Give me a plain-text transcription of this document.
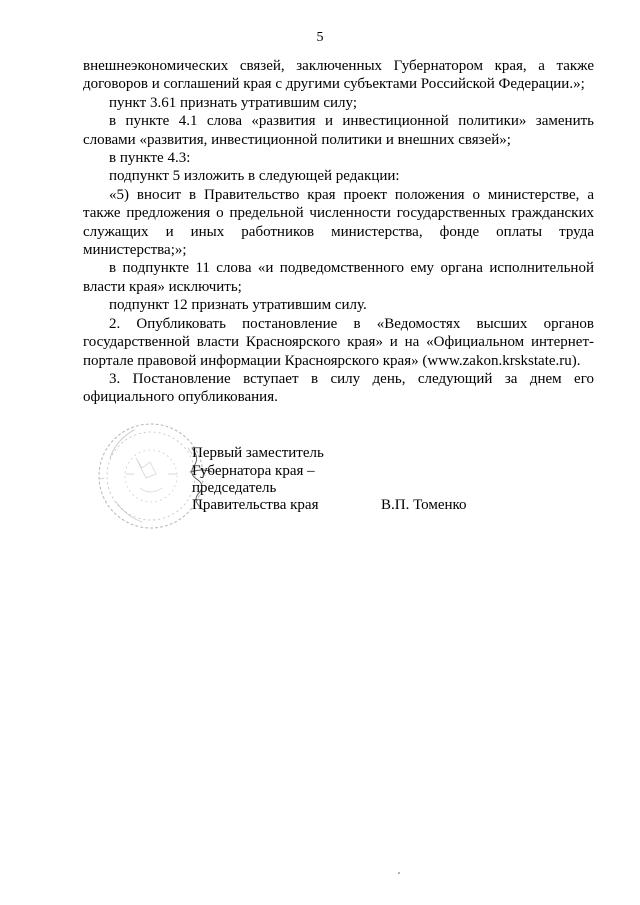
5

внешнеэкономических связей, заключенных Губернатором края, а также договоров и соглашений края с другими субъектами Российской Федерации.»;

пункт 3.61 признать утратившим силу;

в пункте 4.1 слова «развития и инвестиционной политики» заменить словами «развития, инвестиционной политики и внешних связей»;

в пункте 4.3:

подпункт 5 изложить в следующей редакции:

«5) вносит в Правительство края проект положения о министерстве, а также предложения о предельной численности государственных гражданских служащих и иных работников министерства, фонде оплаты труда министерства;»;

в подпункте 11 слова «и подведомственного ему органа исполнительной власти края» исключить;

подпункт 12 признать утратившим силу.

2. Опубликовать постановление в «Ведомостях высших органов государственной власти Красноярского края» и на «Официальном интернет-портале правовой информации Красноярского края» (www.zakon.krskstate.ru).

3. Постановление вступает в силу день, следующий за днем его официального опубликования.

Первый заместитель
Губернатора края –
председатель
Правительства края	В.П. Томенко
